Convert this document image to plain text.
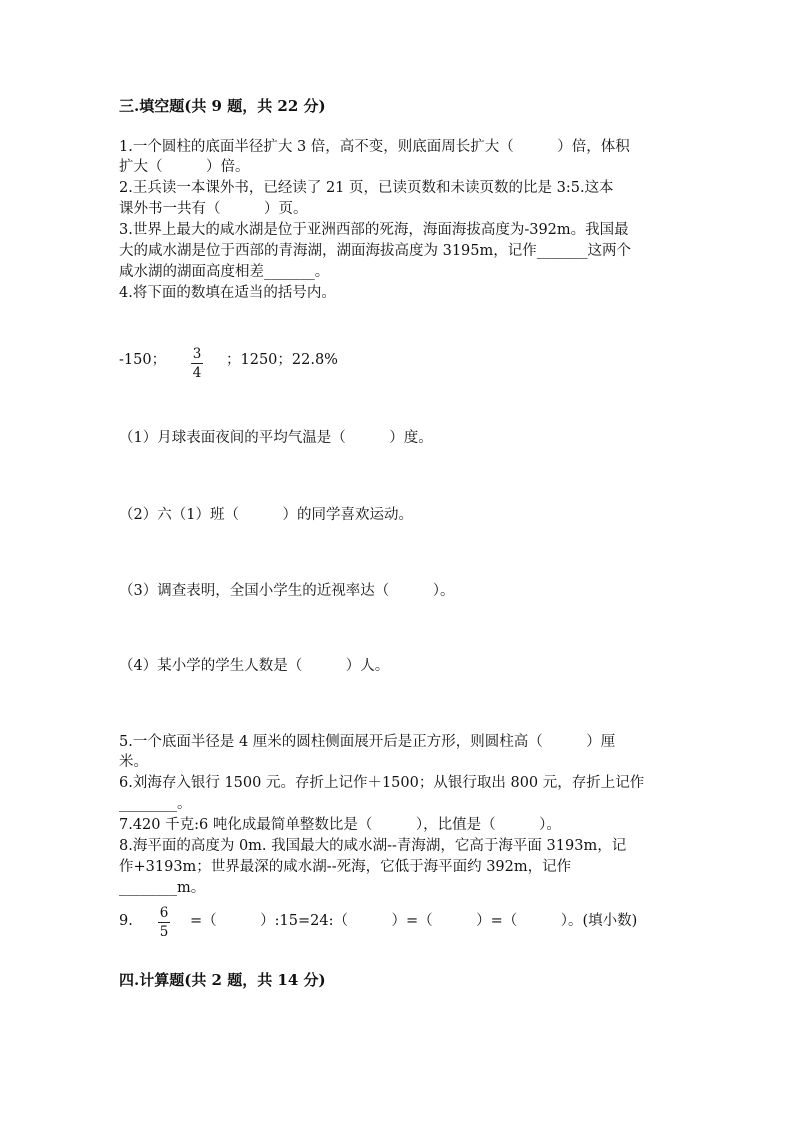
三.填空题(共 9 题，共 22 分)
1.一个圆柱的底面半径扩大 3 倍，高不变，则底面周长扩大（　　　）倍，体积
扩大（　　　）倍。
2.王兵读一本课外书，已经读了 21 页，已读页数和未读页数的比是 3:5.这本
课外书一共有（　　　）页。
3.世界上最大的咸水湖是位于亚洲西部的死海，海面海拔高度为-392m。我国最
大的咸水湖是位于西部的青海湖，湖面海拔高度为 3195m，记作_______这两个
咸水湖的湖面高度相差_______。
4.将下面的数填在适当的括号内。
-150； 3
4
；1250；22.8%
（1）月球表面夜间的平均气温是（　　　）度。
（2）六（1）班（　　　）的同学喜欢运动。
（3）调查表明，全国小学生的近视率达（　　　）。
（4）某小学的学生人数是（　　　）人。
5.一个底面半径是 4 厘米的圆柱侧面展开后是正方形，则圆柱高（　　　）厘
米。
6.刘海存入银行 1500 元。存折上记作＋1500；从银行取出 800 元，存折上记作
________。
7.420 千克:6 吨化成最简单整数比是（　　　），比值是（　　　）。
8.海平面的高度为 0m. 我国最大的咸水湖--青海湖，它高于海平面 3193m，记
作+3193m；世界最深的咸水湖--死海，它低于海平面约 392m，记作
________m。
9. 6
5
=（　　　）:15=24:（　　　）=（　　　）=（　　　）。(填小数)
四.计算题(共 2 题，共 14 分)
